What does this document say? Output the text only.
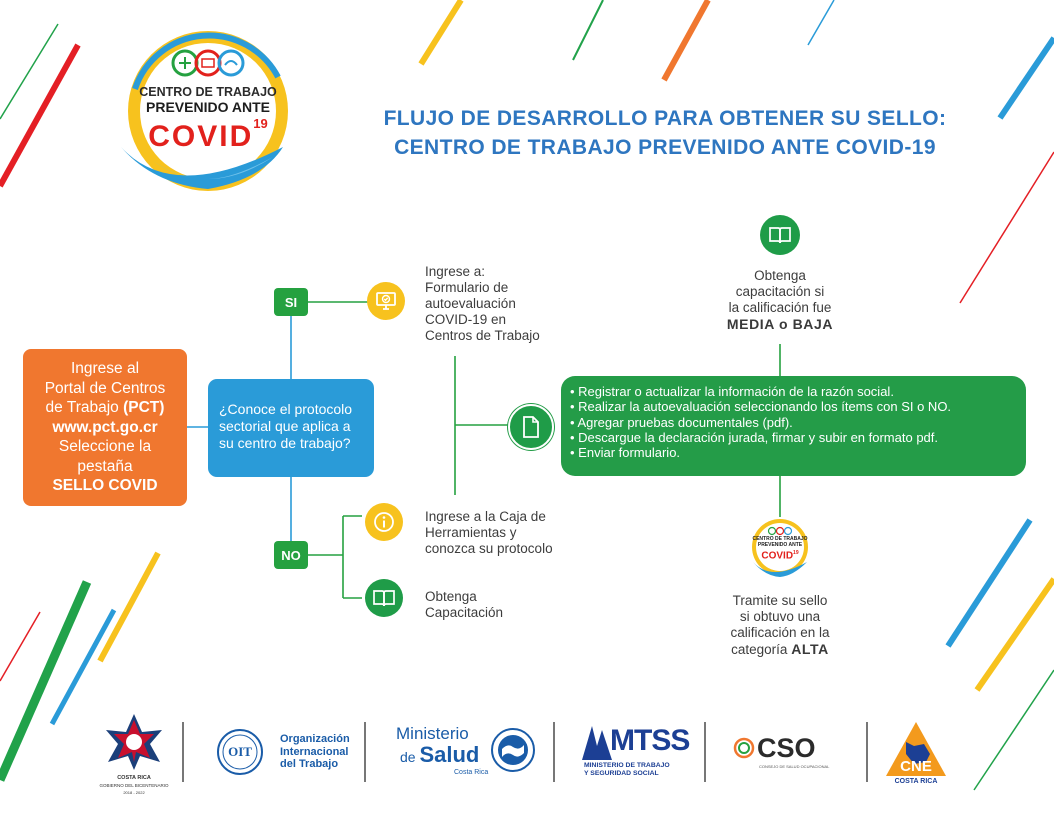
CENTRO DE TRABAJO
PREVENIDO ANTE
COVID$^{19}$	FLUJO DE DESARROLLO PARA OBTENER SU SELLO:
CENTRO DE TRABAJO PREVENIDO ANTE COVID-19
Ingrese al
Portal de Centros
de Trabajo (PCT)
www.pct.go.cr
Seleccione la
pestaña
SELLO COVID
¿Conoce el protocolo
sectorial que aplica a
su centro de trabajo?
SI
NO
Ingrese a:
Formulario de
autoevaluación
COVID-19 en
Centros de Trabajo
Ingrese a la Caja de
Herramientas y
conozca su protocolo
Obtenga
Capacitación
• Registrar o actualizar la información de la razón social.
• Realizar la autoevaluación seleccionando los ítems con SI o NO.
• Agregar pruebas documentales (pdf).
• Descargue la declaración jurada, firmar y subir en formato pdf.
• Enviar formulario.
Obtenga
capacitación si
la calificación fue
MEDIA o BAJA
CENTRO DE TRABAJO
PREVENIDO ANTE
COVID$^{19}$
Tramite su sello
si obtuvo una
calificación en la
categoría ALTA
COSTA RICA
GOBIERNO DEL BICENTENARIO
2018 - 2022
OIT
Organización
Internacional
del Trabajo
Ministerio
de Salud
Costa Rica
MTSS
MINISTERIO DE TRABAJO
Y SEGURIDAD SOCIAL
CSO
CONSEJO DE SALUD OCUPACIONAL	CNE
COSTA RICA
